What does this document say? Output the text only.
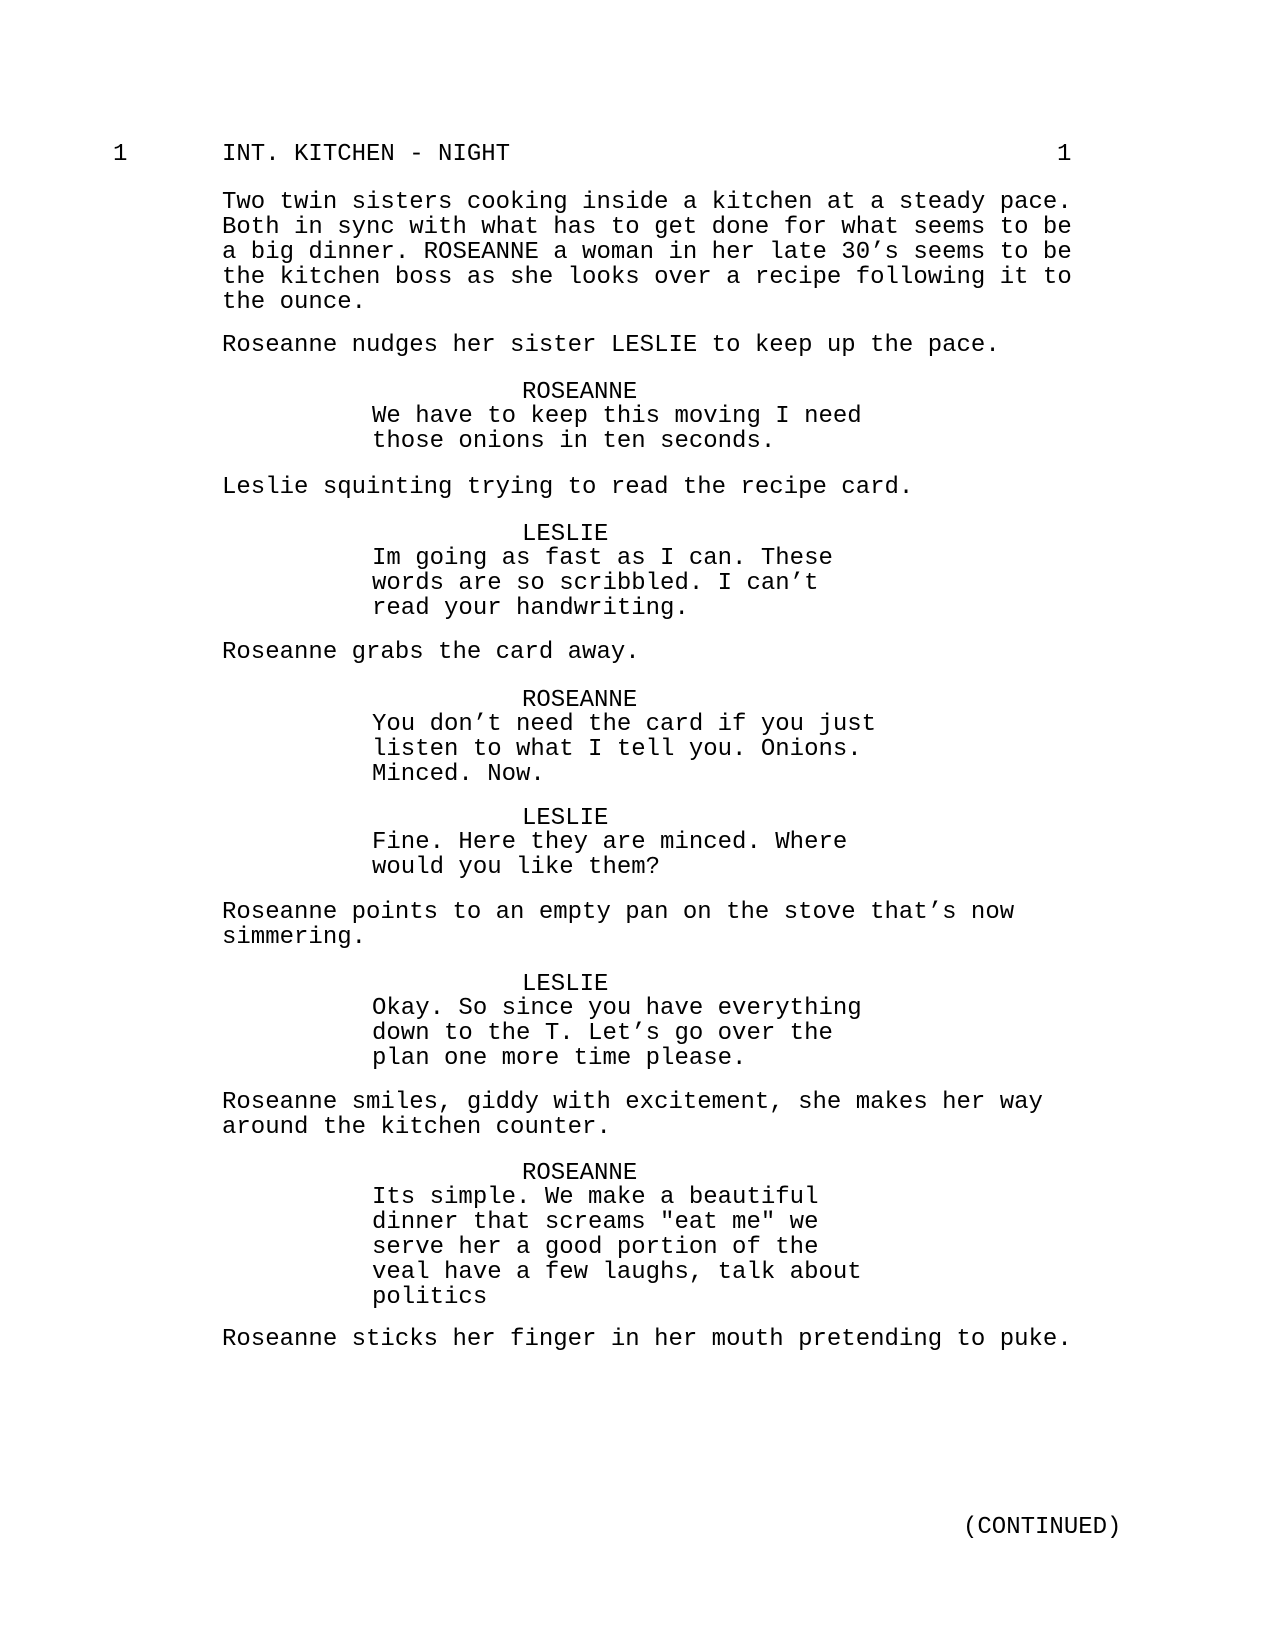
1	INT. KITCHEN - NIGHT	1
Two twin sisters cooking inside a kitchen at a steady pace.
Both in sync with what has to get done for what seems to be
a big dinner. ROSEANNE a woman in her late 30’s seems to be
the kitchen boss as she looks over a recipe following it to
the ounce.
Roseanne nudges her sister LESLIE to keep up the pace.
ROSEANNE
We have to keep this moving I need
those onions in ten seconds.
Leslie squinting trying to read the recipe card.
LESLIE
Im going as fast as I can. These
words are so scribbled. I can’t
read your handwriting.
Roseanne grabs the card away.
ROSEANNE
You don’t need the card if you just
listen to what I tell you. Onions.
Minced. Now.
LESLIE
Fine. Here they are minced. Where
would you like them?
Roseanne points to an empty pan on the stove that’s now
simmering.
LESLIE
Okay. So since you have everything
down to the T. Let’s go over the
plan one more time please.
Roseanne smiles, giddy with excitement, she makes her way
around the kitchen counter.
ROSEANNE
Its simple. We make a beautiful
dinner that screams "eat me" we
serve her a good portion of the
veal have a few laughs, talk about
politics
Roseanne sticks her finger in her mouth pretending to puke.
(CONTINUED)
